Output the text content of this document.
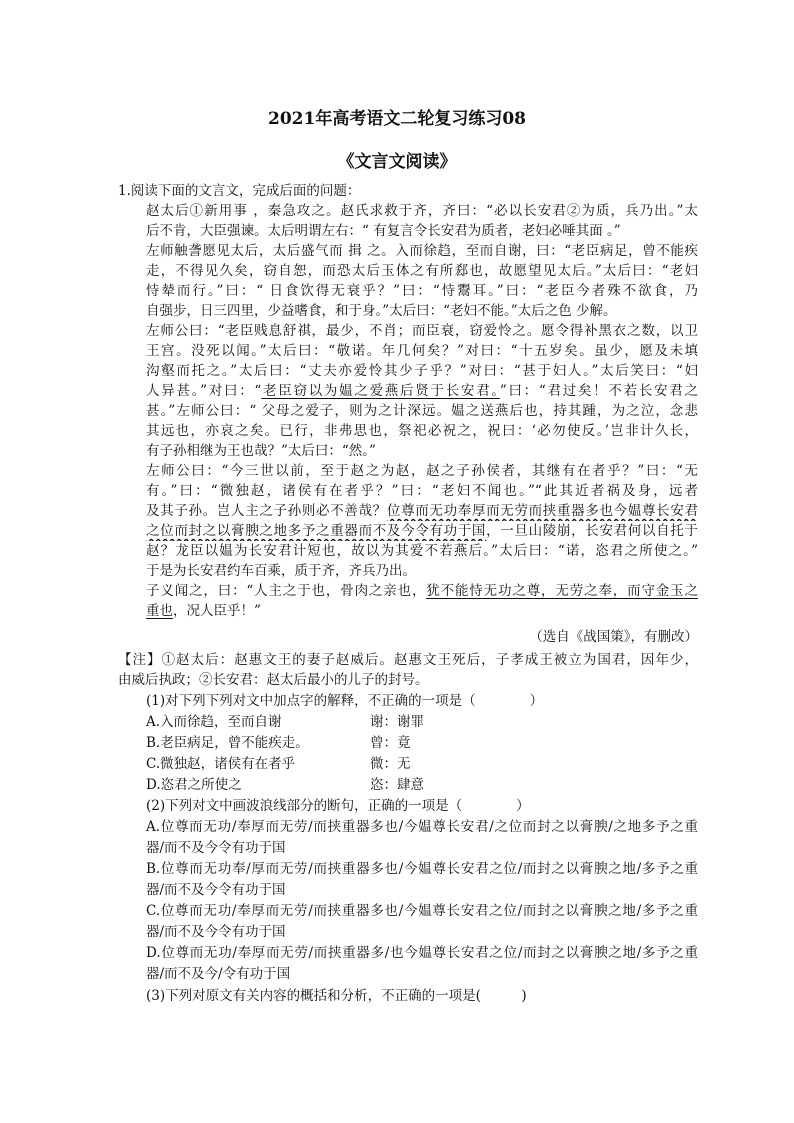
2021年高考语文二轮复习练习08
《文言文阅读》
1.阅读下面的文言文，完成后面的问题：
赵太后①新用事 ，秦急攻之。赵氏求救于齐，齐曰：“必以长安君②为质，兵乃出。”太
后不肯，大臣强谏。太后明谓左右：“ 有复言令长安君为质者，老妇必唾其面 。”
左师触詟愿见太后，太后盛气而 揖 之。入而徐趋，至而自谢，曰：“老臣病足，曾不能疾
走，不得见久矣，窃自恕，而恐太后玉体之有所郄也，故愿望见太后。”太后曰：“老妇
恃辇而行。”曰：“ 日食饮得无衰乎？”曰：“恃鬻耳。”曰：“老臣今者殊不欲食，乃
自强步，日三四里，少益嗜食，和于身。”太后曰：“老妇不能。”太后之色 少解。
左师公曰：“老臣贱息舒祺，最少，不肖；而臣衰，窃爱怜之。愿令得补黑衣之数，以卫
王宫。没死以闻。”太后曰：“敬诺。年几何矣？”对曰：“十五岁矣。虽少，愿及未填
沟壑而托之。”太后曰：“丈夫亦爱怜其少子乎？”对曰：“甚于妇人。”太后笑曰：“妇
人异甚。”对曰：“老臣窃以为媪之爱燕后贤于长安君。”曰：“君过矣！不若长安君之
甚。”左师公曰：“ 父母之爱子，则为之计深远。媪之送燕后也，持其踵，为之泣，念悲
其远也，亦哀之矣。已行，非弗思也，祭祀必祝之，祝曰：‘必勿使反。’岂非计久长，
有子孙相继为王也哉？”太后曰：“然。”
左师公曰：“今三世以前，至于赵之为赵，赵之子孙侯者，其继有在者乎？”曰：“无
有。”曰：“微独赵，诸侯有在者乎？”曰：“老妇不闻也。”“此其近者祸及身，远者
及其子孙。岂人主之子孙则必不善哉？位尊而无功奉厚而无劳而挟重器多也今媪尊长安君
之位而封之以膏腴之地多予之重器而不及今令有功于国，一旦山陵崩，长安君何以自托于
赵？龙臣以媪为长安君计短也，故以为其爱不若燕后。”太后曰：“诺，恣君之所使之。”
于是为长安君约车百乘，质于齐，齐兵乃出。
子义闻之，曰：“人主之于也，骨肉之亲也，犹不能恃无功之尊，无劳之奉，而守金玉之
重也，况人臣乎！”
（选自《战国策》，有删改）
【注】①赵太后：赵惠文王的妻子赵威后。赵惠文王死后，子孝成王被立为国君，因年少，
由威后执政；②长安君：赵太后最小的儿子的封号。
(1)对下列下列对文中加点字的解释，不正确的一项是（　　　　）
A.入而徐趋，至而自谢	谢：谢罪
B.老臣病足，曾不能疾走。	曾：竟
C.微独赵，诸侯有在者乎	微：无
D.恣君之所使之	恣：肆意
(2)下列对文中画波浪线部分的断句，正确的一项是（　　　　）
A.位尊而无功/奉厚而无劳/而挟重器多也/今媪尊长安君/之位而封之以膏腴/之地多予之重
器/而不及今令有功于国
B.位尊而无功奉/厚而无劳/而挟重器多也/今媪尊长安君之位/而封之以膏腴之地/多予之重
器/而不及今令有功于国
C.位尊而无功/奉厚而无劳/而挟重器多也/今媪尊长安君之位/而封之以膏腴之地/多予之重
器/而不及今令有功于国
D.位尊而无功/奉厚而无劳/而挟重器多/也今媪尊长安君之位/而封之以膏腴之地/多予之重
器/而不及今/令有功于国
(3)下列对原文有关内容的概括和分析，不正确的一项是(　　　)
